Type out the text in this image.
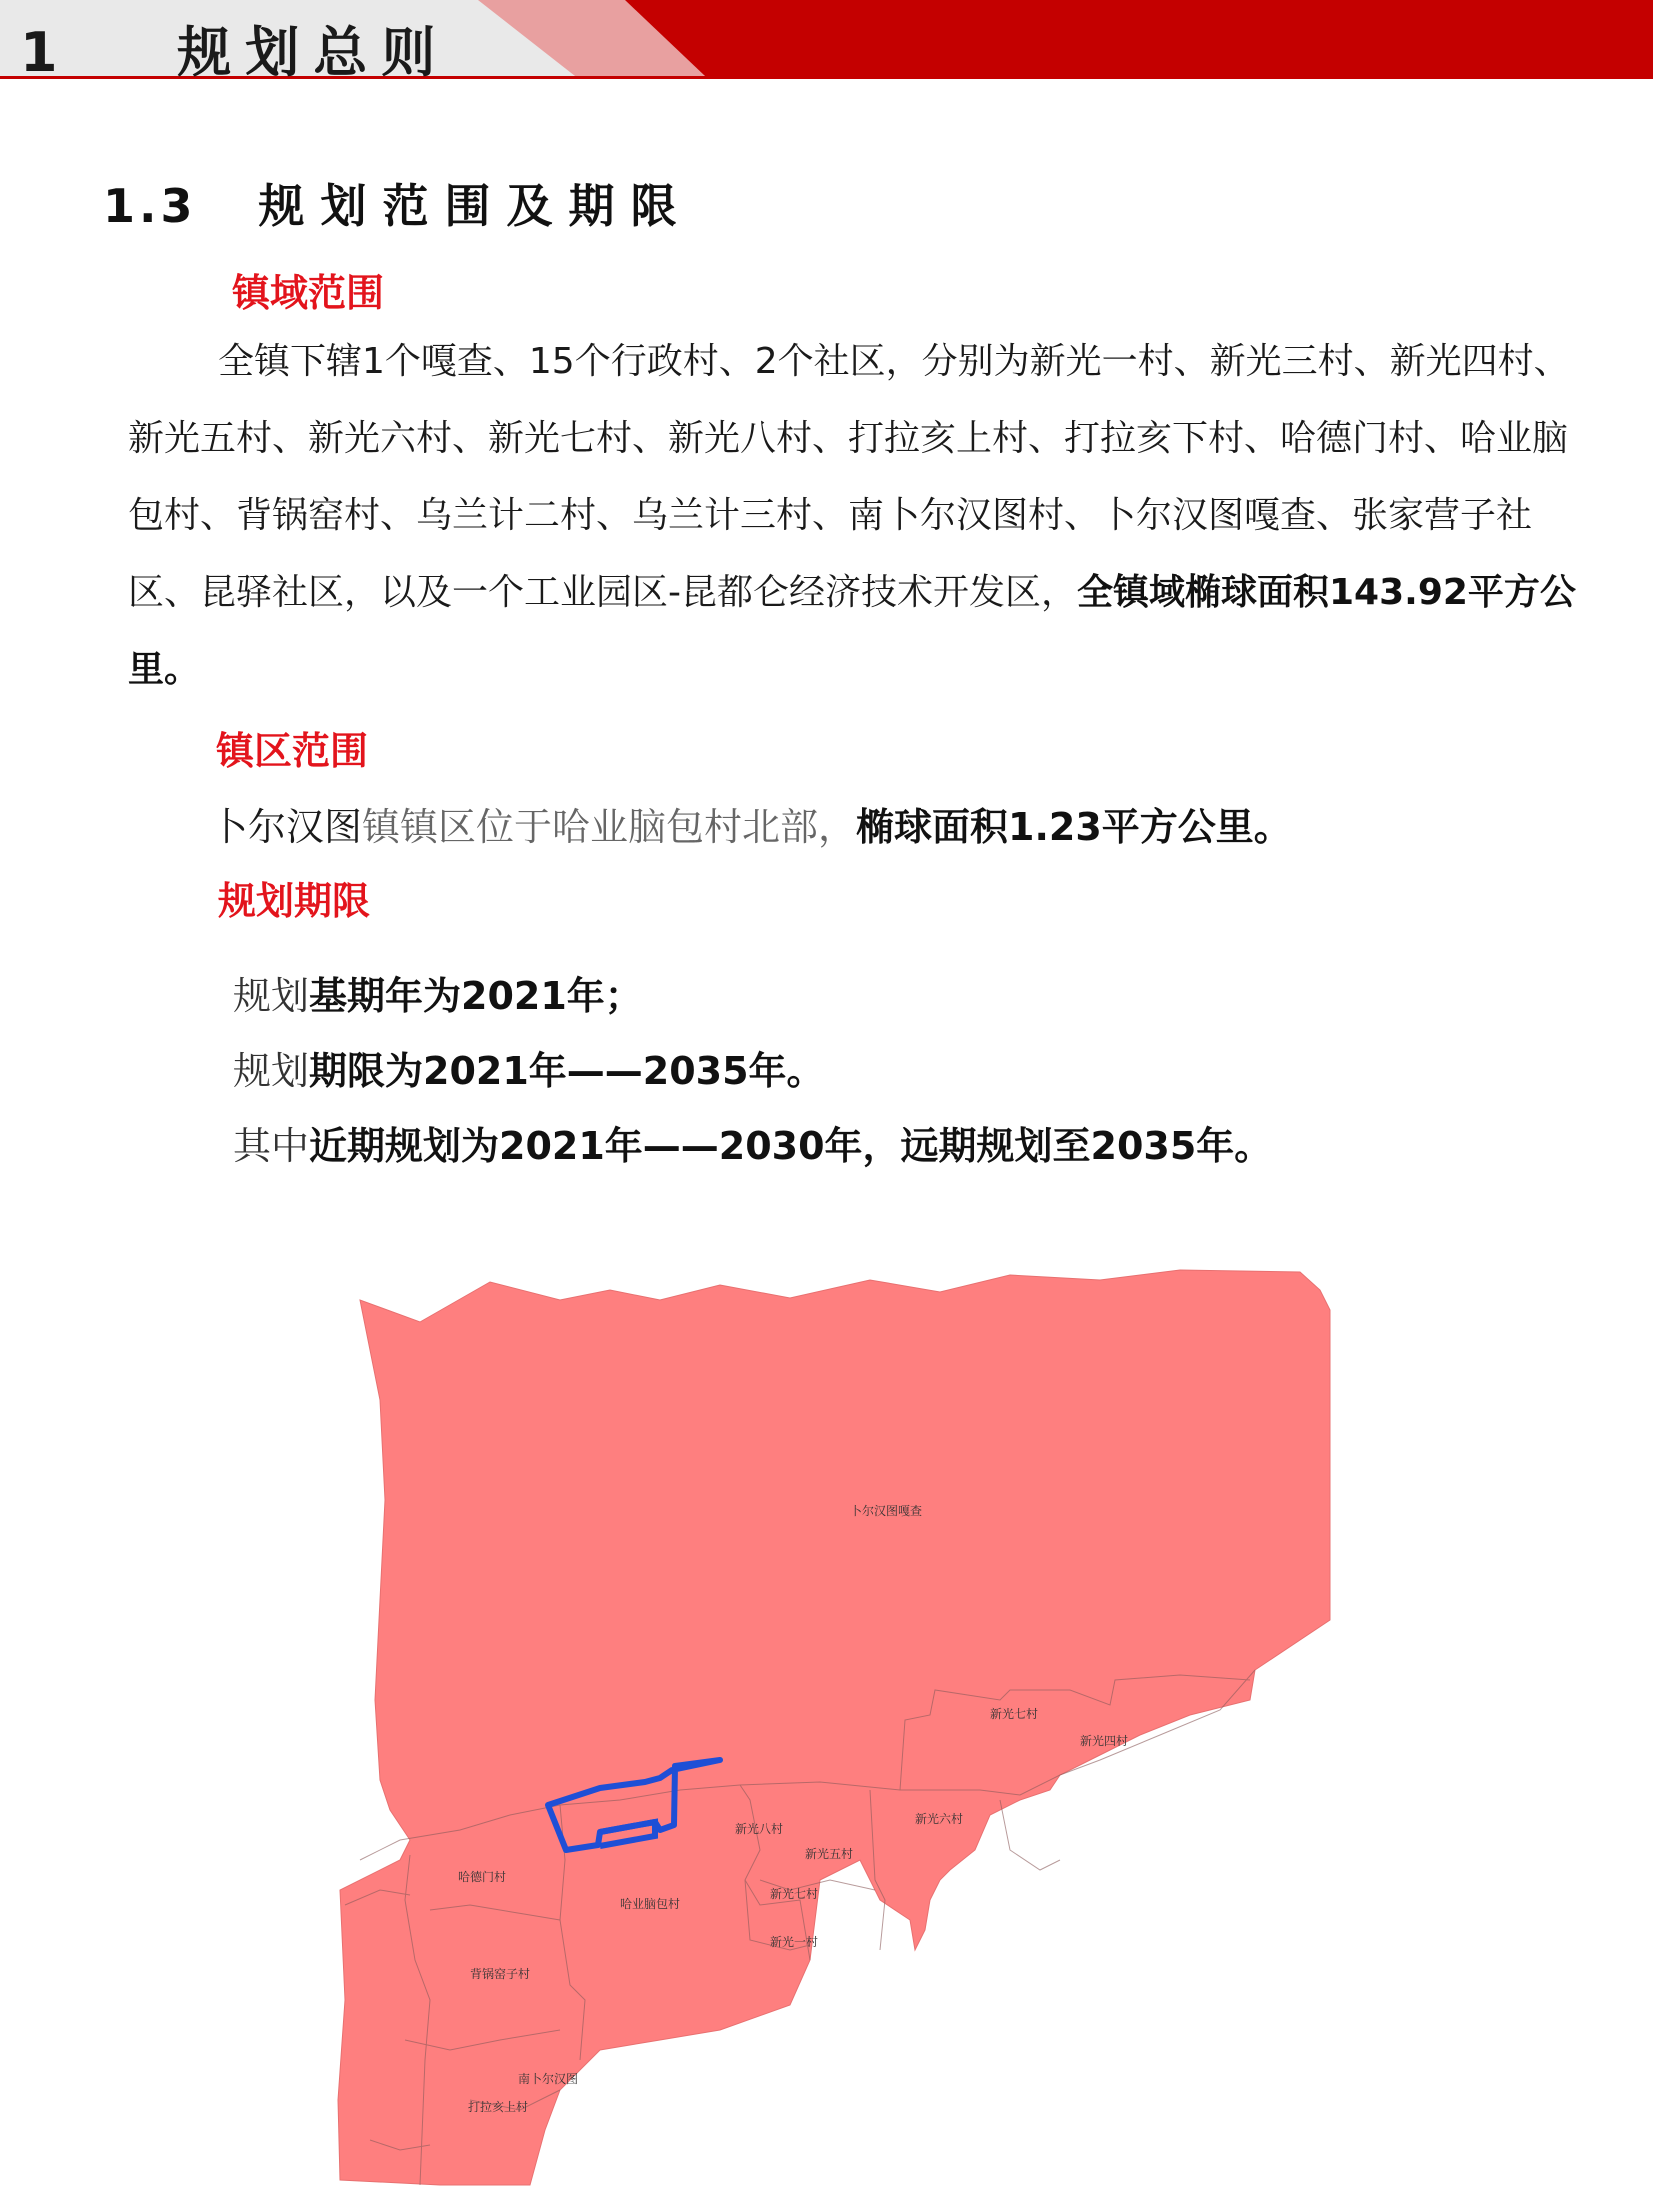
1 规划总则
1.3 规划范围及期限
镇域范围
全镇下辖1个嘎查、15个行政村、2个社区，分别为新光一村、新光三村、新光四村、新光五村、新光六村、新光七村、新光八村、打拉亥上村、打拉亥下村、哈德门村、哈业脑包村、背锅窑村、乌兰计二村、乌兰计三村、南卜尔汉图村、卜尔汉图嘎查、张家营子社区、昆驿社区，以及一个工业园区-昆都仑经济技术开发区，全镇域椭球面积143.92平方公里。
镇区范围
卜尔汉图镇镇区位于哈业脑包村北部，椭球面积1.23平方公里。
规划期限
规划基期年为2021年；
规划期限为2021年——2035年。
其中近期规划为2021年——2030年，远期规划至2035年。
卜尔汉图嘎查
新光七村
新光四村
新光六村
新光八村
新光五村
新光七村
新光一村
哈德门村
哈业脑包村
背锅窑子村
南卜尔汉图
打拉亥上村
